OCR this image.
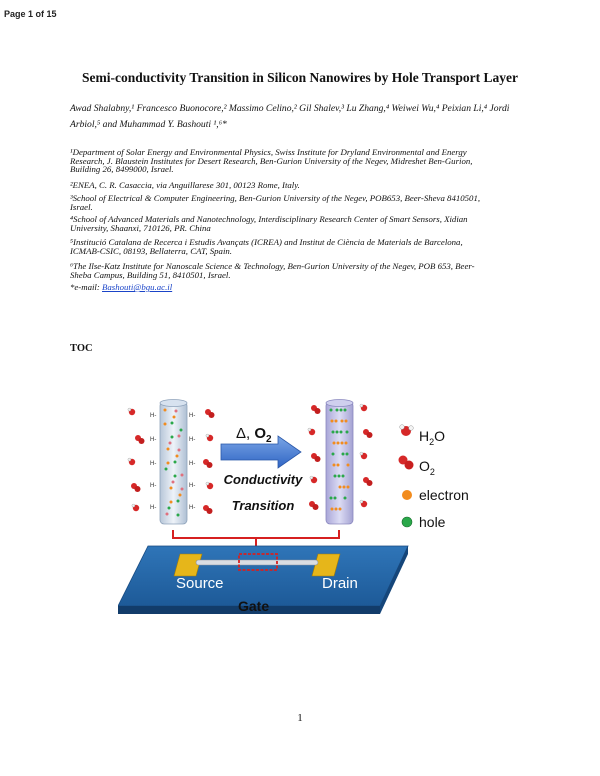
Page 1 of 15
Semi-conductivity Transition in Silicon Nanowires by Hole Transport Layer
Awad Shalabny,¹ Francesco Buonocore,² Massimo Celino,² Gil Shalev,³ Lu Zhang,⁴ Weiwei Wu,⁴ Peixian Li,⁴ Jordi
Arbiol,⁵ and Muhammad Y. Bashouti ¹,⁶*
¹Department of Solar Energy and Environmental Physics, Swiss Institute for Dryland Environmental and Energy
Research, J. Blaustein Institutes for Desert Research, Ben-Gurion University of the Negev, Midreshet Ben-Gurion,
Building 26, 8499000, Israel.
²ENEA, C. R. Casaccia, via Anguillarese 301, 00123 Rome, Italy.
³School of Electrical & Computer Engineering, Ben-Gurion University of the Negev, POB653, Beer-Sheva 8410501,
Israel.
⁴School of Advanced Materials and Nanotechnology, Interdisciplinary Research Center of Smart Sensors, Xidian
University, Shaanxi, 710126, PR. China
⁵Institució Catalana de Recerca i Estudis Avançats (ICREA) and Institut de Ciència de Materials de Barcelona,
ICMAB-CSIC, 08193, Bellaterra, CAT, Spain.
⁶The Ilse-Katz Institute for Nanoscale Science & Technology, Ben-Gurion University of the Negev, POB 653, Beer-
Sheba Campus, Building 51, 8410501, Israel.
*e-mail: Bashouti@bgu.ac.il
TOC
H-	H-
H-	H-
H-	H-
H-	H-
H-	H-
Δ, $O_2$
Conductivity
Transition
$H_2O$
$O_2$
electron
hole
Source	Drain
Gate
1
